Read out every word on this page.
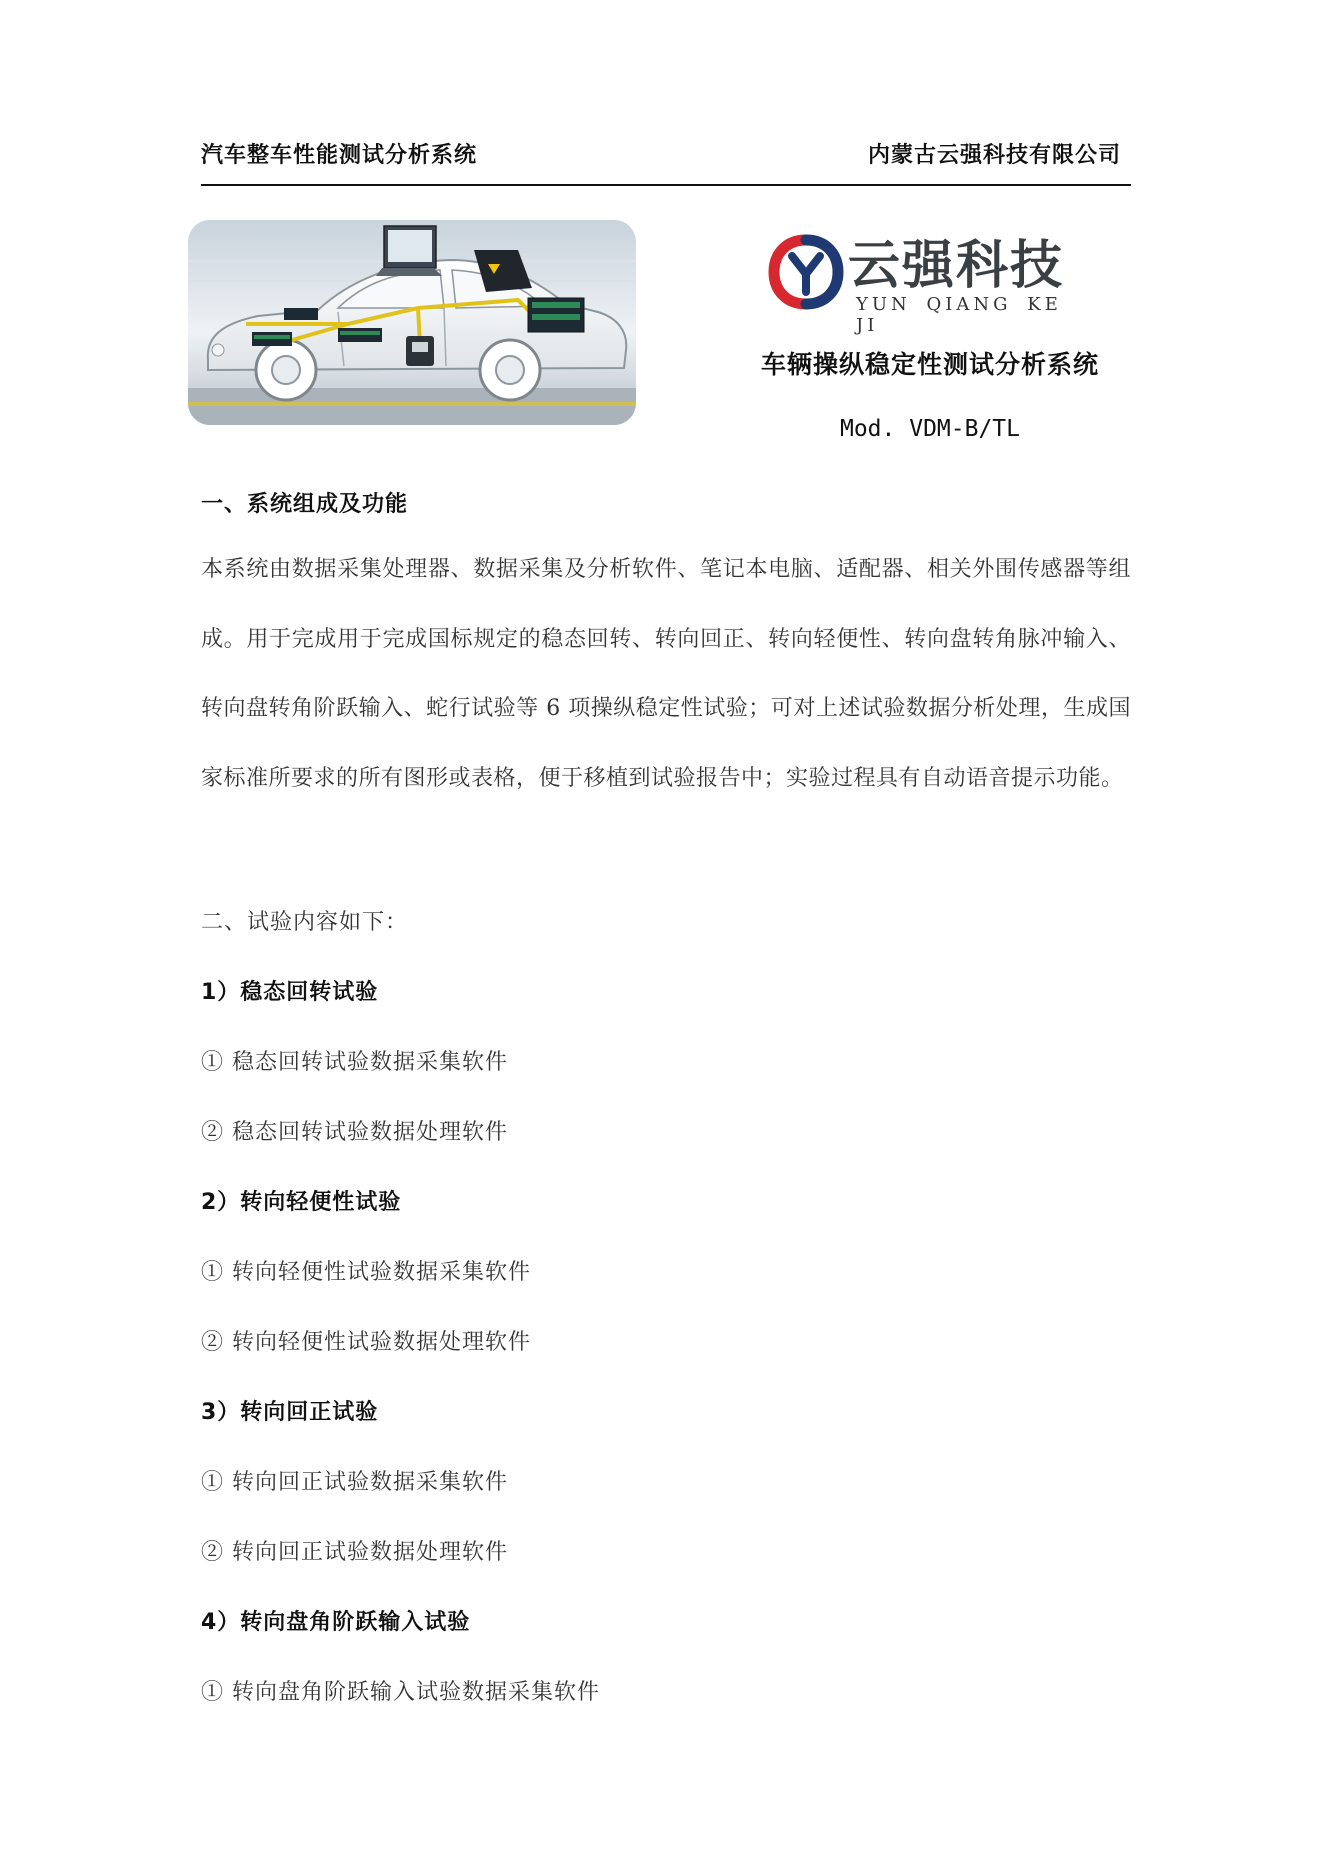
汽车整车性能测试分析系统	内蒙古云强科技有限公司
云强科技
YUN QIANG KE JI
车辆操纵稳定性测试分析系统
Mod. VDM-B/TL
一、系统组成及功能
本系统由数据采集处理器、数据采集及分析软件、笔记本电脑、适配器、相关外围传感器等组成。用于完成用于完成国标规定的稳态回转、转向回正、转向轻便性、转向盘转角脉冲输入、转向盘转角阶跃输入、蛇行试验等 6 项操纵稳定性试验；可对上述试验数据分析处理，生成国家标准所要求的所有图形或表格，便于移植到试验报告中；实验过程具有自动语音提示功能。
二、试验内容如下：
1）稳态回转试验
① 稳态回转试验数据采集软件
② 稳态回转试验数据处理软件
2）转向轻便性试验
① 转向轻便性试验数据采集软件
② 转向轻便性试验数据处理软件
3）转向回正试验
① 转向回正试验数据采集软件
② 转向回正试验数据处理软件
4）转向盘角阶跃输入试验
① 转向盘角阶跃输入试验数据采集软件
